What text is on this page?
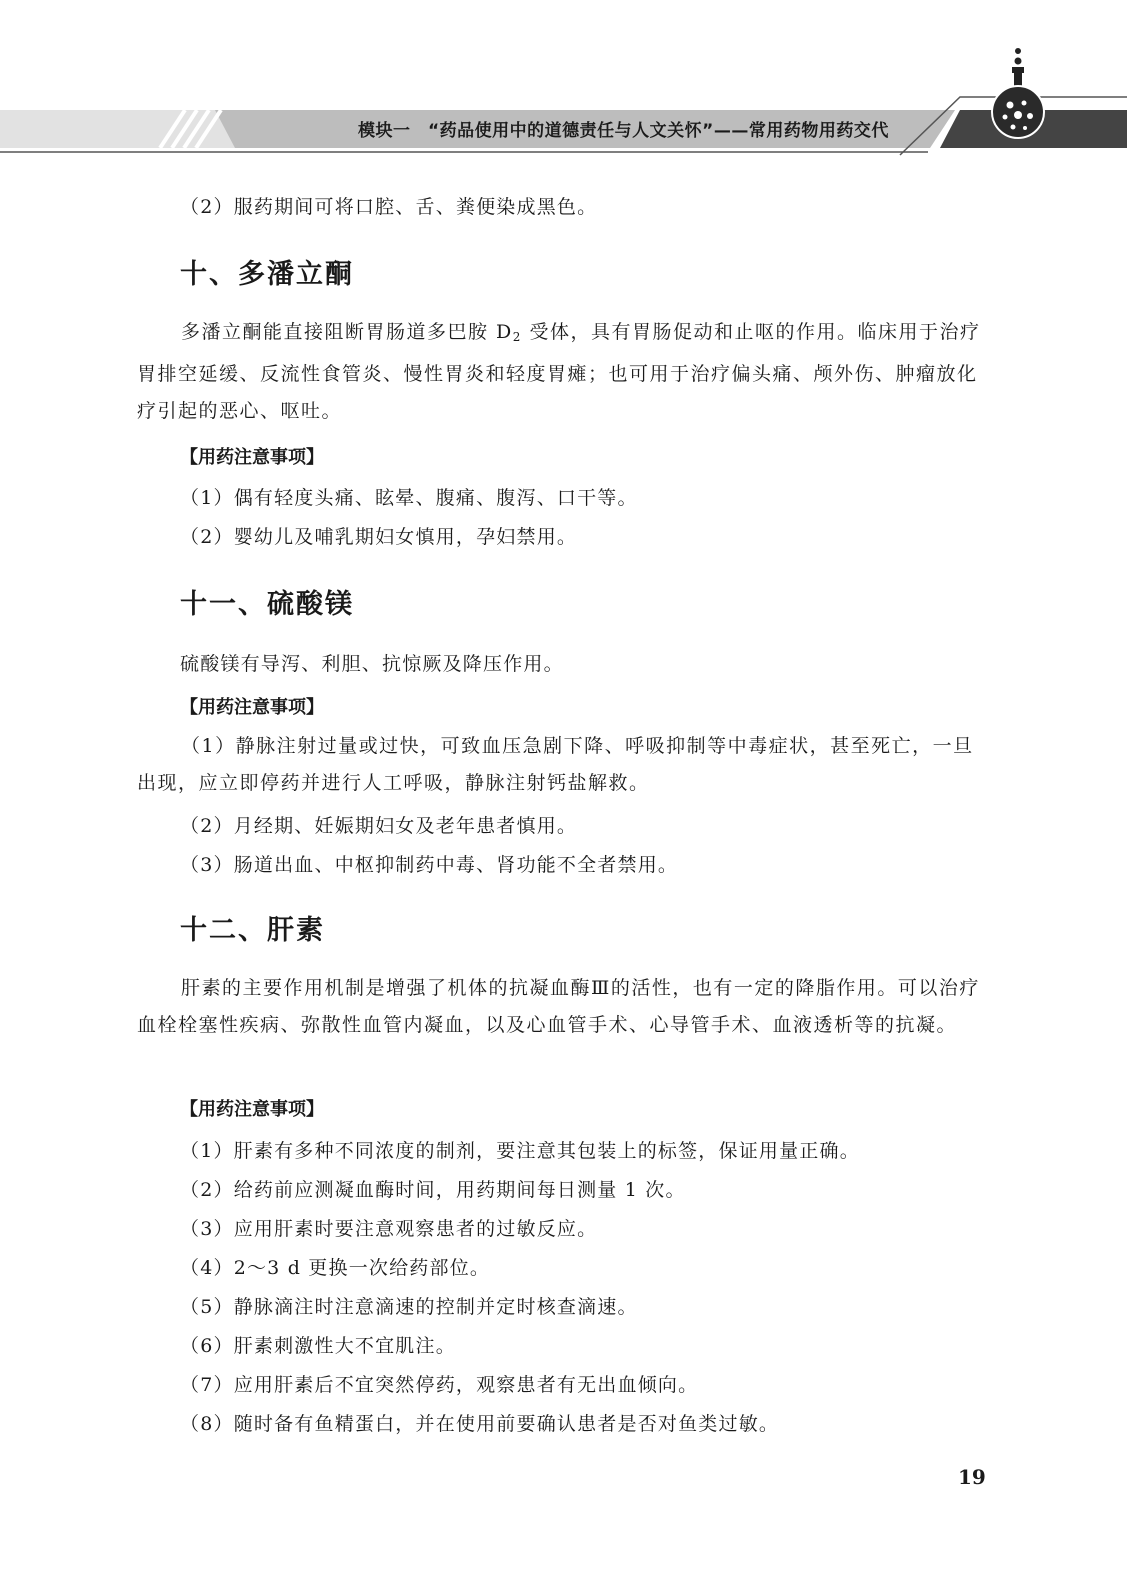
模块一　“药品使用中的道德责任与人文关怀”——常用药物用药交代
（2）服药期间可将口腔、舌、粪便染成黑色。
十、多潘立酮
多潘立酮能直接阻断胃肠道多巴胺 $D_2$ 受体，具有胃肠促动和止呕的作用。临床用于治疗胃排空延缓、反流性食管炎、慢性胃炎和轻度胃瘫；也可用于治疗偏头痛、颅外伤、肿瘤放化疗引起的恶心、呕吐。
【用药注意事项】
（1）偶有轻度头痛、眩晕、腹痛、腹泻、口干等。
（2）婴幼儿及哺乳期妇女慎用，孕妇禁用。
十一、硫酸镁
硫酸镁有导泻、利胆、抗惊厥及降压作用。
【用药注意事项】
（1）静脉注射过量或过快，可致血压急剧下降、呼吸抑制等中毒症状，甚至死亡，一旦出现，应立即停药并进行人工呼吸，静脉注射钙盐解救。
（2）月经期、妊娠期妇女及老年患者慎用。
（3）肠道出血、中枢抑制药中毒、肾功能不全者禁用。
十二、肝素
肝素的主要作用机制是增强了机体的抗凝血酶Ⅲ的活性，也有一定的降脂作用。可以治疗血栓栓塞性疾病、弥散性血管内凝血，以及心血管手术、心导管手术、血液透析等的抗凝。
【用药注意事项】
（1）肝素有多种不同浓度的制剂，要注意其包装上的标签，保证用量正确。
（2）给药前应测凝血酶时间，用药期间每日测量 1 次。
（3）应用肝素时要注意观察患者的过敏反应。
（4）2～3 d 更换一次给药部位。
（5）静脉滴注时注意滴速的控制并定时核查滴速。
（6）肝素刺激性大不宜肌注。
（7）应用肝素后不宜突然停药，观察患者有无出血倾向。
（8）随时备有鱼精蛋白，并在使用前要确认患者是否对鱼类过敏。
19
